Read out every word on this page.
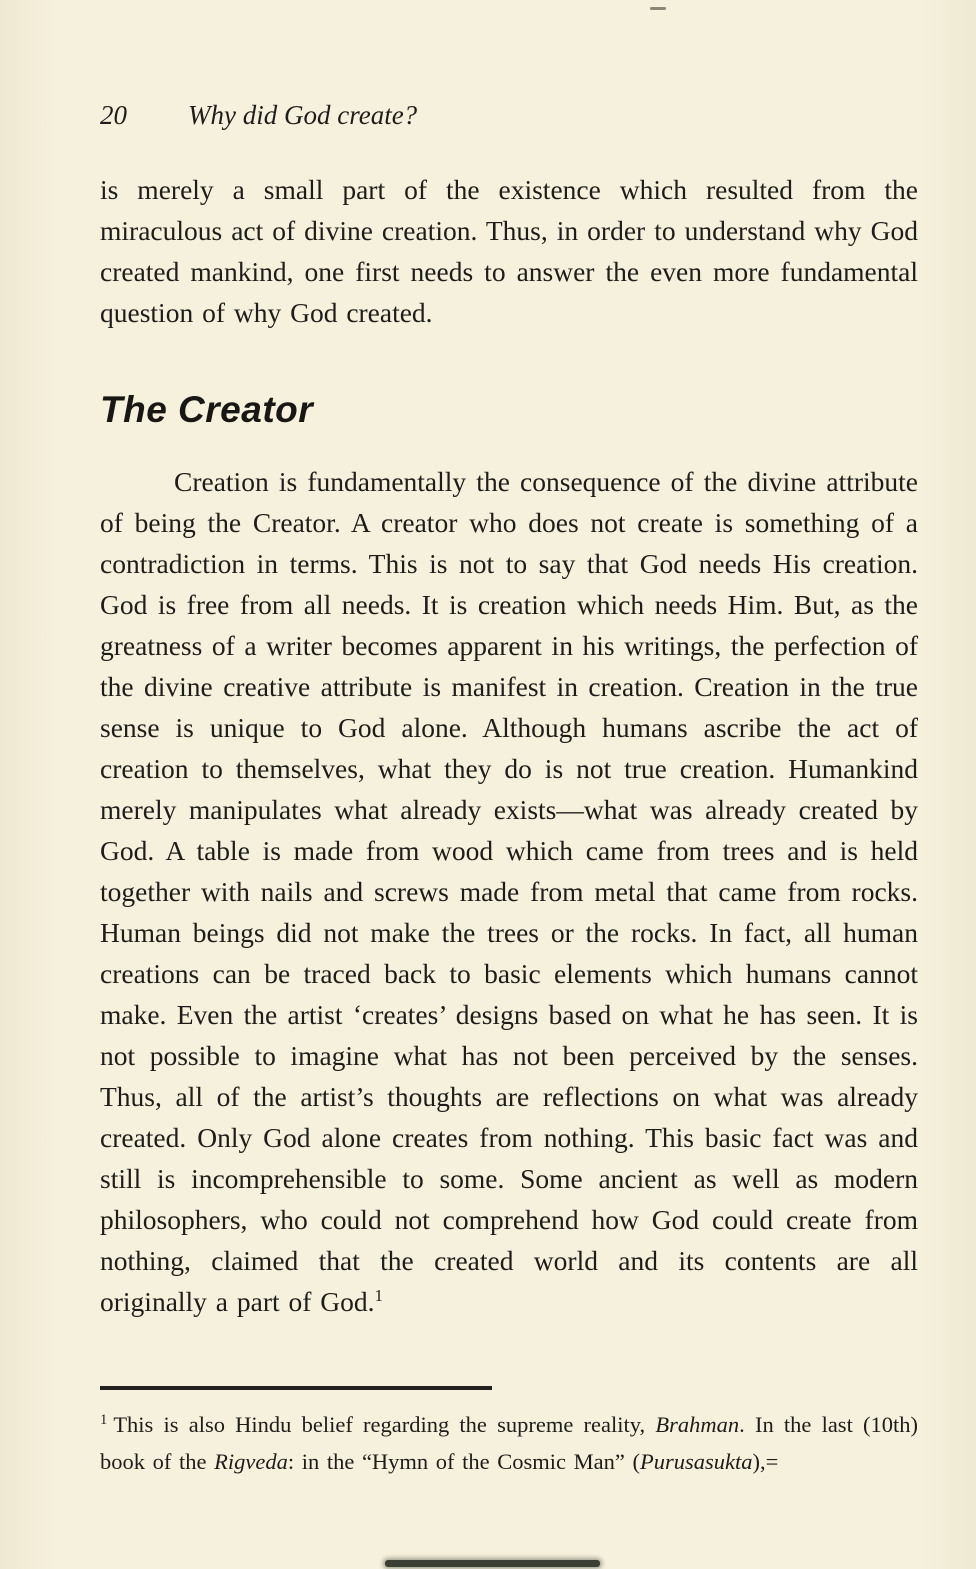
20	Why did God create?

is merely a small part of the existence which resulted from the miraculous act of divine creation. Thus, in order to understand why God created mankind, one first needs to answer the even more fundamental question of why God created.

The Creator

Creation is fundamentally the consequence of the divine attribute of being the Creator. A creator who does not create is something of a contradiction in terms. This is not to say that God needs His creation. God is free from all needs. It is creation which needs Him. But, as the greatness of a writer becomes apparent in his writings, the perfection of the divine creative attribute is manifest in creation. Creation in the true sense is unique to God alone. Although humans ascribe the act of creation to themselves, what they do is not true creation. Humankind merely manipulates what already exists—what was already created by God. A table is made from wood which came from trees and is held together with nails and screws made from metal that came from rocks. Human beings did not make the trees or the rocks. In fact, all human creations can be traced back to basic elements which humans cannot make. Even the artist ‘creates’ designs based on what he has seen. It is not possible to imagine what has not been perceived by the senses. Thus, all of the artist’s thoughts are reflections on what was already created. Only God alone creates from nothing. This basic fact was and still is incomprehensible to some. Some ancient as well as modern philosophers, who could not comprehend how God could create from nothing, claimed that the created world and its contents are all originally a part of God.$^1$

$^1$ This is also Hindu belief regarding the supreme reality, Brahman. In the last (10th) book of the Rigveda: in the “Hymn of the Cosmic Man” (Purusasukta),=
